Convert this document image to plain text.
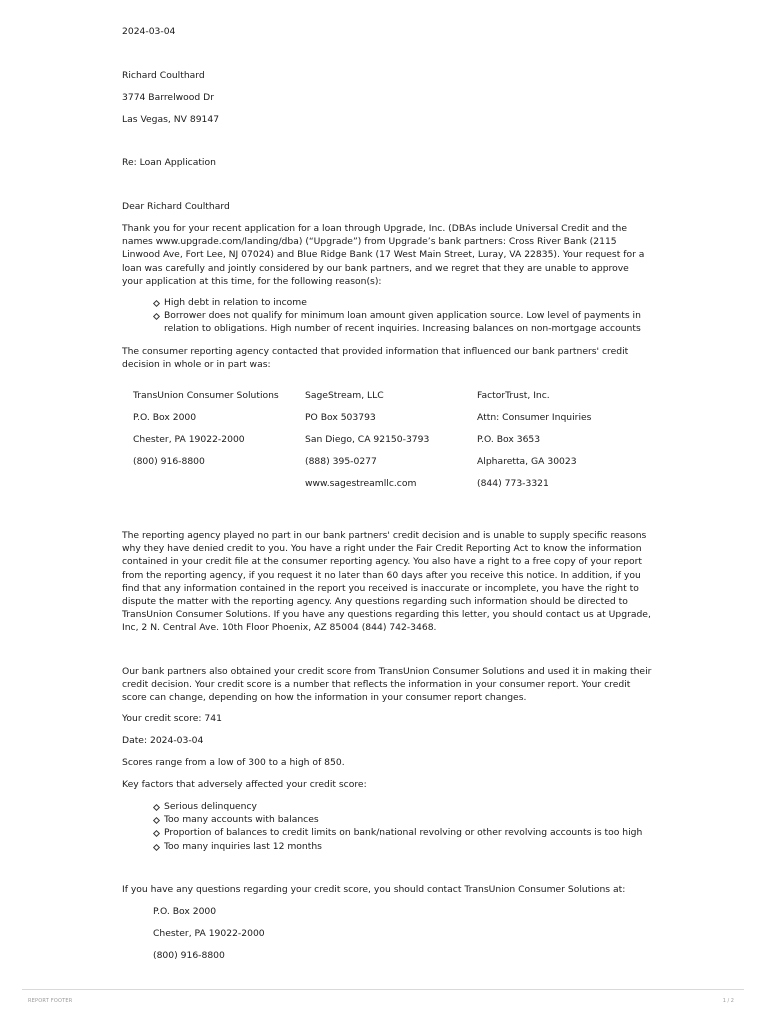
2024-03-04
Richard Coulthard
3774 Barrelwood Dr
Las Vegas, NV 89147
Re: Loan Application
Dear Richard Coulthard
Thank you for your recent application for a loan through Upgrade, Inc. (DBAs include Universal Credit and the names www.upgrade.com/landing/dba) (“Upgrade”) from Upgrade’s bank partners: Cross River Bank (2115 Linwood Ave, Fort Lee, NJ 07024) and Blue Ridge Bank (17 West Main Street, Luray, VA 22835). Your request for a loan was carefully and jointly considered by our bank partners, and we regret that they are unable to approve your application at this time, for the following reason(s):
High debt in relation to income
Borrower does not qualify for minimum loan amount given application source. Low level of payments in relation to obligations. High number of recent inquiries. Increasing balances on non-mortgage accounts
The consumer reporting agency contacted that provided information that influenced our bank partners' credit decision in whole or in part was:
TransUnion Consumer Solutions
P.O. Box 2000
Chester, PA 19022-2000
(800) 916-8800
SageStream, LLC
PO Box 503793
San Diego, CA 92150-3793
(888) 395-0277
www.sagestreamllc.com
FactorTrust, Inc.
Attn: Consumer Inquiries
P.O. Box 3653
Alpharetta, GA 30023
(844) 773-3321
The reporting agency played no part in our bank partners' credit decision and is unable to supply specific reasons why they have denied credit to you. You have a right under the Fair Credit Reporting Act to know the information contained in your credit file at the consumer reporting agency. You also have a right to a free copy of your report from the reporting agency, if you request it no later than 60 days after you receive this notice. In addition, if you find that any information contained in the report you received is inaccurate or incomplete, you have the right to dispute the matter with the reporting agency. Any questions regarding such information should be directed to TransUnion Consumer Solutions. If you have any questions regarding this letter, you should contact us at Upgrade, Inc, 2 N. Central Ave. 10th Floor Phoenix, AZ 85004 (844) 742-3468.
Our bank partners also obtained your credit score from TransUnion Consumer Solutions and used it in making their credit decision. Your credit score is a number that reflects the information in your consumer report. Your credit score can change, depending on how the information in your consumer report changes.
Your credit score: 741
Date: 2024-03-04
Scores range from a low of 300 to a high of 850.
Key factors that adversely affected your credit score:
Serious delinquency
Too many accounts with balances
Proportion of balances to credit limits on bank/national revolving or other revolving accounts is too high
Too many inquiries last 12 months
If you have any questions regarding your credit score, you should contact TransUnion Consumer Solutions at:
P.O. Box 2000
Chester, PA 19022-2000
(800) 916-8800
REPORT FOOTER	1 / 2
